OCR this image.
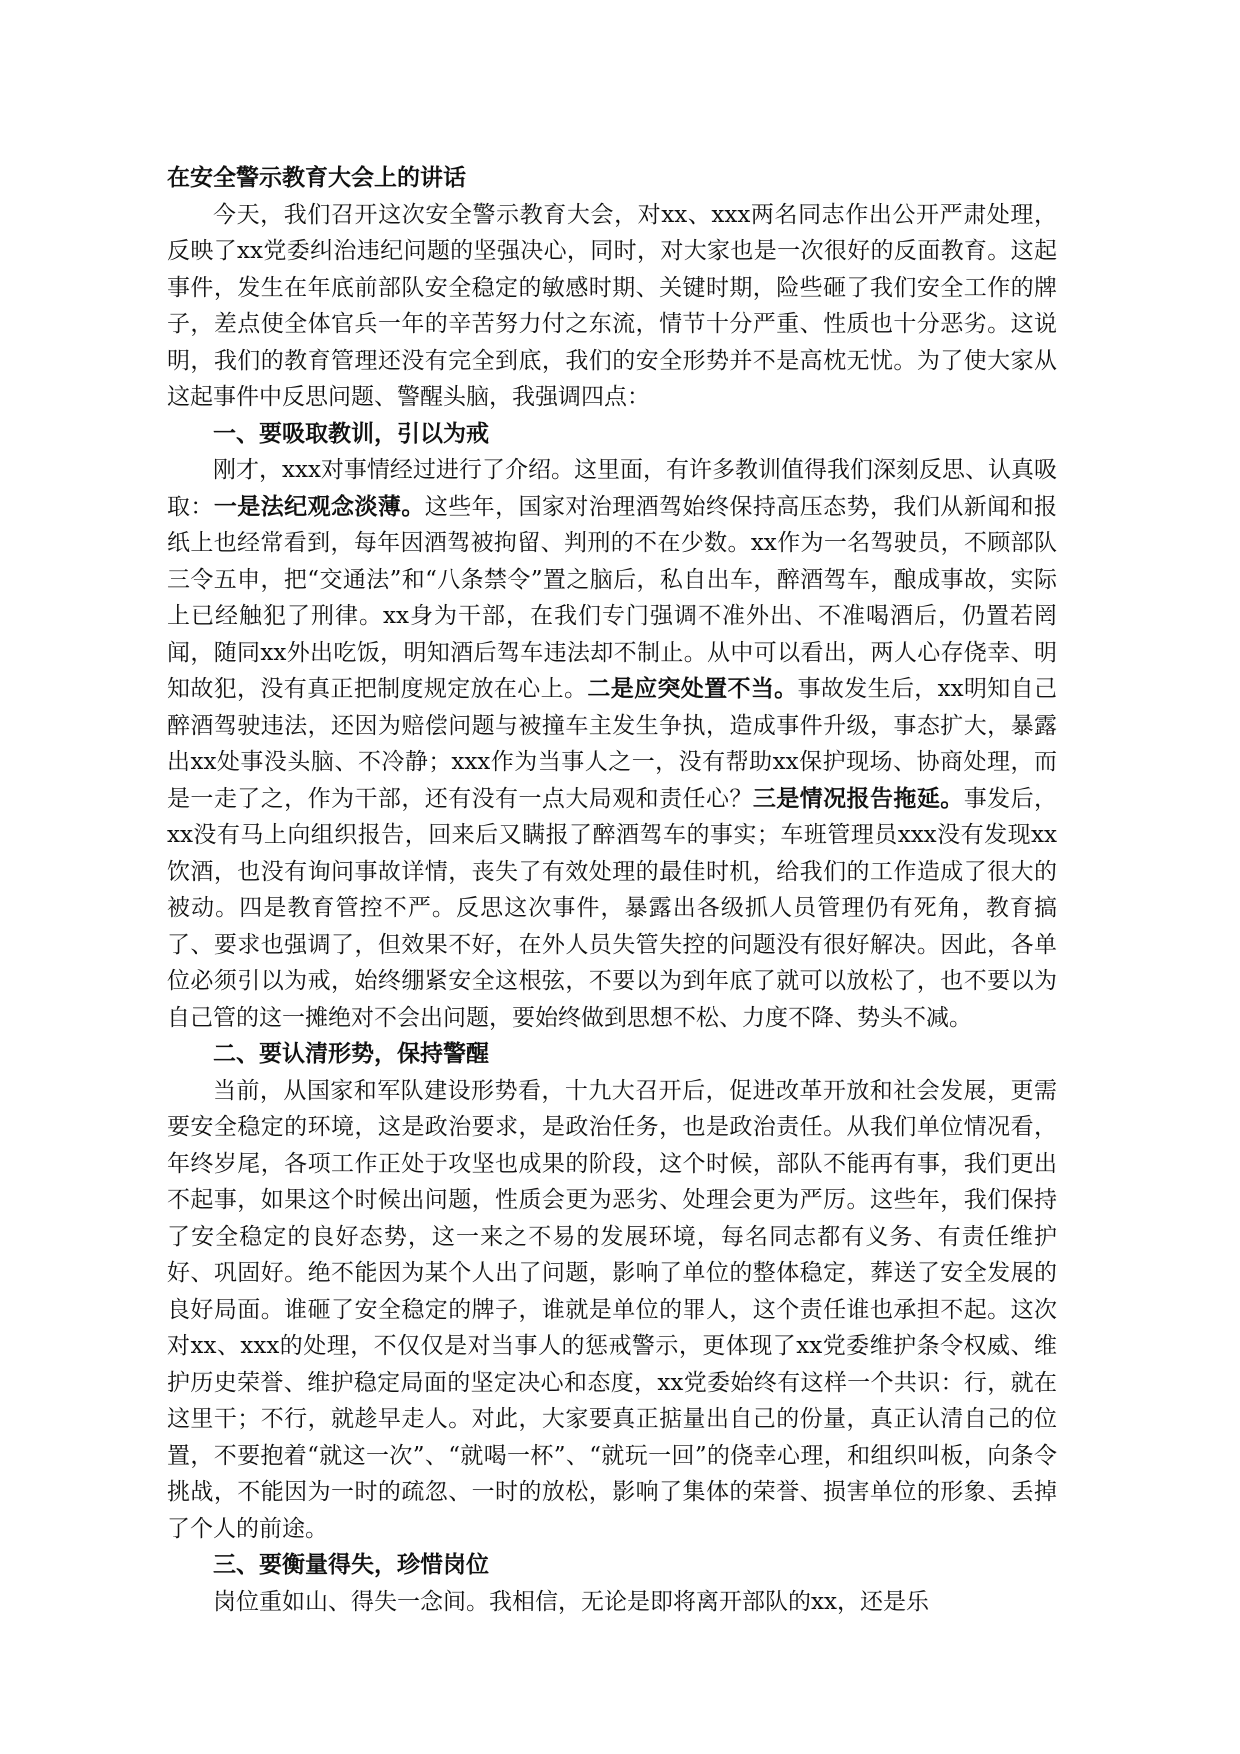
在安全警示教育大会上的讲话

今天，我们召开这次安全警示教育大会，对xx、xxx两名同志作出公开严肃处理，反映了xx党委纠治违纪问题的坚强决心，同时，对大家也是一次很好的反面教育。这起事件，发生在年底前部队安全稳定的敏感时期、关键时期，险些砸了我们安全工作的牌子，差点使全体官兵一年的辛苦努力付之东流，情节十分严重、性质也十分恶劣。这说明，我们的教育管理还没有完全到底，我们的安全形势并不是高枕无忧。为了使大家从这起事件中反思问题、警醒头脑，我强调四点：

一、要吸取教训，引以为戒

刚才，xxx对事情经过进行了介绍。这里面，有许多教训值得我们深刻反思、认真吸取：一是法纪观念淡薄。这些年，国家对治理酒驾始终保持高压态势，我们从新闻和报纸上也经常看到，每年因酒驾被拘留、判刑的不在少数。xx作为一名驾驶员，不顾部队三令五申，把“交通法”和“八条禁令”置之脑后，私自出车，醉酒驾车，酿成事故，实际上已经触犯了刑律。xx身为干部，在我们专门强调不准外出、不准喝酒后，仍置若罔闻，随同xx外出吃饭，明知酒后驾车违法却不制止。从中可以看出，两人心存侥幸、明知故犯，没有真正把制度规定放在心上。二是应突处置不当。事故发生后，xx明知自己醉酒驾驶违法，还因为赔偿问题与被撞车主发生争执，造成事件升级，事态扩大，暴露出xx处事没头脑、不冷静；xxx作为当事人之一，没有帮助xx保护现场、协商处理，而是一走了之，作为干部，还有没有一点大局观和责任心？三是情况报告拖延。事发后，xx没有马上向组织报告，回来后又瞒报了醉酒驾车的事实；车班管理员xxx没有发现xx饮酒，也没有询问事故详情，丧失了有效处理的最佳时机，给我们的工作造成了很大的被动。四是教育管控不严。反思这次事件，暴露出各级抓人员管理仍有死角，教育搞了、要求也强调了，但效果不好，在外人员失管失控的问题没有很好解决。因此，各单位必须引以为戒，始终绷紧安全这根弦，不要以为到年底了就可以放松了，也不要以为自己管的这一摊绝对不会出问题，要始终做到思想不松、力度不降、势头不减。

二、要认清形势，保持警醒

当前，从国家和军队建设形势看，十九大召开后，促进改革开放和社会发展，更需要安全稳定的环境，这是政治要求，是政治任务，也是政治责任。从我们单位情况看，年终岁尾，各项工作正处于攻坚也成果的阶段，这个时候，部队不能再有事，我们更出不起事，如果这个时候出问题，性质会更为恶劣、处理会更为严厉。这些年，我们保持了安全稳定的良好态势，这一来之不易的发展环境，每名同志都有义务、有责任维护好、巩固好。绝不能因为某个人出了问题，影响了单位的整体稳定，葬送了安全发展的良好局面。谁砸了安全稳定的牌子，谁就是单位的罪人，这个责任谁也承担不起。这次对xx、xxx的处理，不仅仅是对当事人的惩戒警示，更体现了xx党委维护条令权威、维护历史荣誉、维护稳定局面的坚定决心和态度，xx党委始终有这样一个共识：行，就在这里干；不行，就趁早走人。对此，大家要真正掂量出自己的份量，真正认清自己的位置，不要抱着“就这一次”、“就喝一杯”、“就玩一回”的侥幸心理，和组织叫板，向条令挑战，不能因为一时的疏忽、一时的放松，影响了集体的荣誉、损害单位的形象、丢掉了个人的前途。

三、要衡量得失，珍惜岗位

岗位重如山、得失一念间。我相信，无论是即将离开部队的xx，还是乐
